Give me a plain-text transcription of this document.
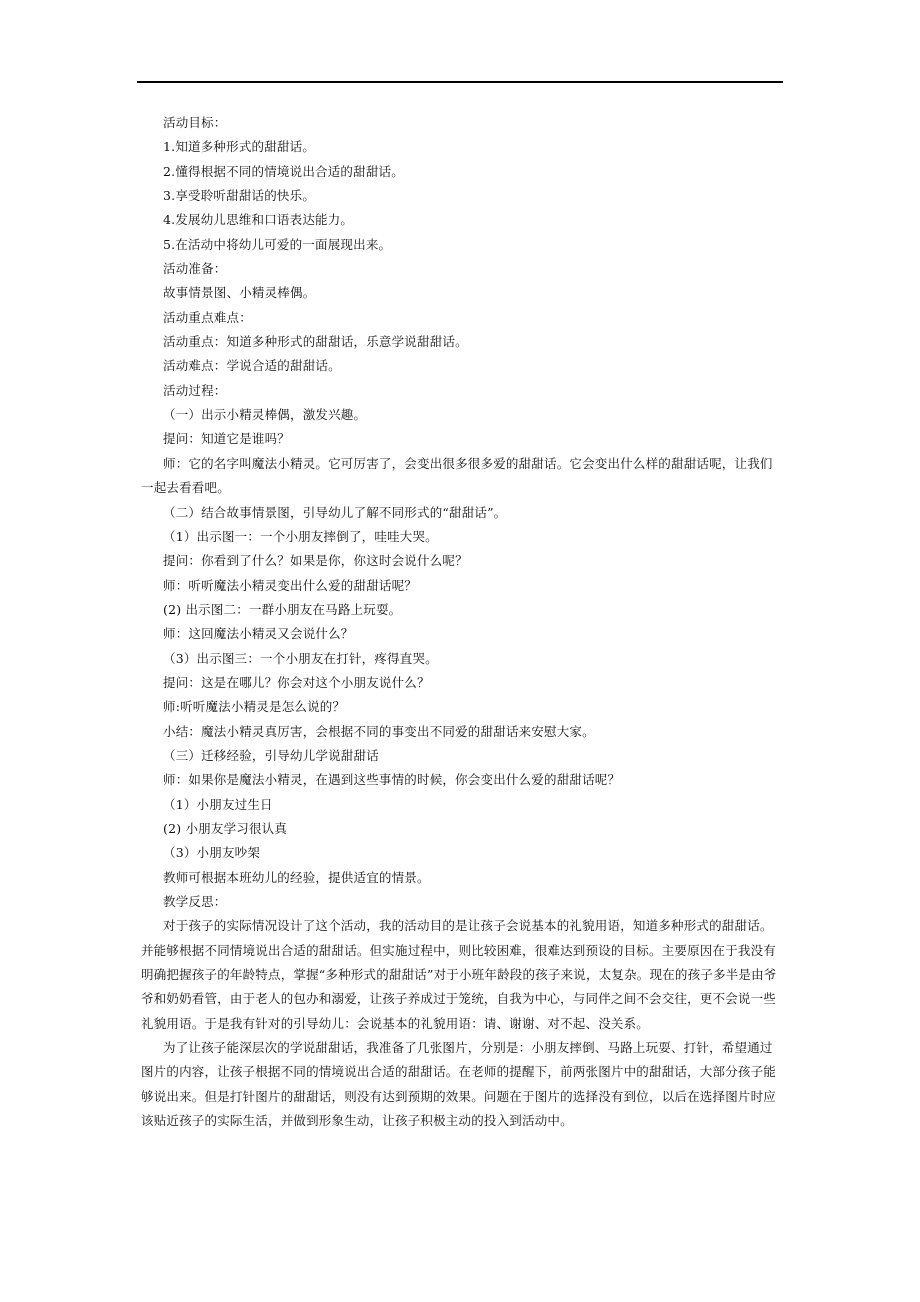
活动目标：
1.知道多种形式的甜甜话。
2.懂得根据不同的情境说出合适的甜甜话。
3.享受聆听甜甜话的快乐。
4.发展幼儿思维和口语表达能力。
5.在活动中将幼儿可爱的一面展现出来。
活动准备：
故事情景图、小精灵棒偶。
活动重点难点：
活动重点：知道多种形式的甜甜话，乐意学说甜甜话。
活动难点：学说合适的甜甜话。
活动过程：
（一）出示小精灵棒偶，激发兴趣。
提问：知道它是谁吗？
师：它的名字叫魔法小精灵。它可厉害了，会变出很多很多爱的甜甜话。它会变出什么样的甜甜话呢，让我们一起去看看吧。
（二）结合故事情景图，引导幼儿了解不同形式的“甜甜话”。
（1）出示图一：一个小朋友摔倒了，哇哇大哭。
提问：你看到了什么？如果是你，你这时会说什么呢？
师：听听魔法小精灵变出什么爱的甜甜话呢？
(2) 出示图二：一群小朋友在马路上玩耍。
师：这回魔法小精灵又会说什么？
（3）出示图三：一个小朋友在打针，疼得直哭。
提问：这是在哪儿？你会对这个小朋友说什么？
师:听听魔法小精灵是怎么说的？
小结：魔法小精灵真厉害，会根据不同的事变出不同爱的甜甜话来安慰大家。
（三）迁移经验，引导幼儿学说甜甜话
师：如果你是魔法小精灵，在遇到这些事情的时候，你会变出什么爱的甜甜话呢？
（1）小朋友过生日
(2) 小朋友学习很认真
（3）小朋友吵架
教师可根据本班幼儿的经验，提供适宜的情景。
教学反思：
对于孩子的实际情况设计了这个活动，我的活动目的是让孩子会说基本的礼貌用语，知道多种形式的甜甜话。并能够根据不同情境说出合适的甜甜话。但实施过程中，则比较困难，很难达到预设的目标。主要原因在于我没有明确把握孩子的年龄特点，掌握“多种形式的甜甜话”对于小班年龄段的孩子来说，太复杂。现在的孩子多半是由爷爷和奶奶看管，由于老人的包办和溺爱，让孩子养成过于笼统，自我为中心，与同伴之间不会交往，更不会说一些礼貌用语。于是我有针对的引导幼儿：会说基本的礼貌用语：请、谢谢、对不起、没关系。
为了让孩子能深层次的学说甜甜话，我准备了几张图片，分别是：小朋友摔倒、马路上玩耍、打针，希望通过图片的内容，让孩子根据不同的情境说出合适的甜甜话。在老师的提醒下，前两张图片中的甜甜话，大部分孩子能够说出来。但是打针图片的甜甜话，则没有达到预期的效果。问题在于图片的选择没有到位，以后在选择图片时应该贴近孩子的实际生活，并做到形象生动，让孩子积极主动的投入到活动中。
